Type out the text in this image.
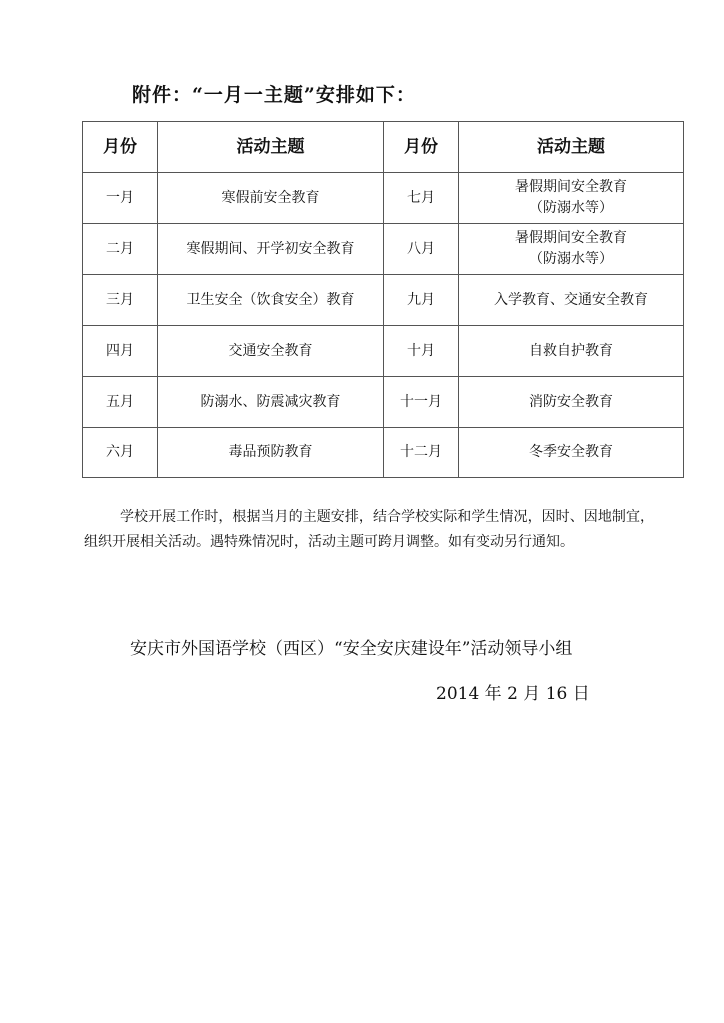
附件：“一月一主题”安排如下：
月份	活动主题	月份	活动主题
一月	寒假前安全教育	七月	暑假期间安全教育
（防溺水等）

二月	寒假期间、开学初安全教育	八月	暑假期间安全教育
（防溺水等）

三月	卫生安全（饮食安全）教育	九月	入学教育、交通安全教育

四月	交通安全教育	十月	自救自护教育

五月	防溺水、防震减灾教育	十一月	消防安全教育

六月	毒品预防教育	十二月	冬季安全教育
学校开展工作时，根据当月的主题安排，结合学校实际和学生情况，因时、因地制宜，组织开展相关活动。遇特殊情况时，活动主题可跨月调整。如有变动另行通知。
安庆市外国语学校（西区）“安全安庆建设年”活动领导小组
2014 年 2 月 16 日
